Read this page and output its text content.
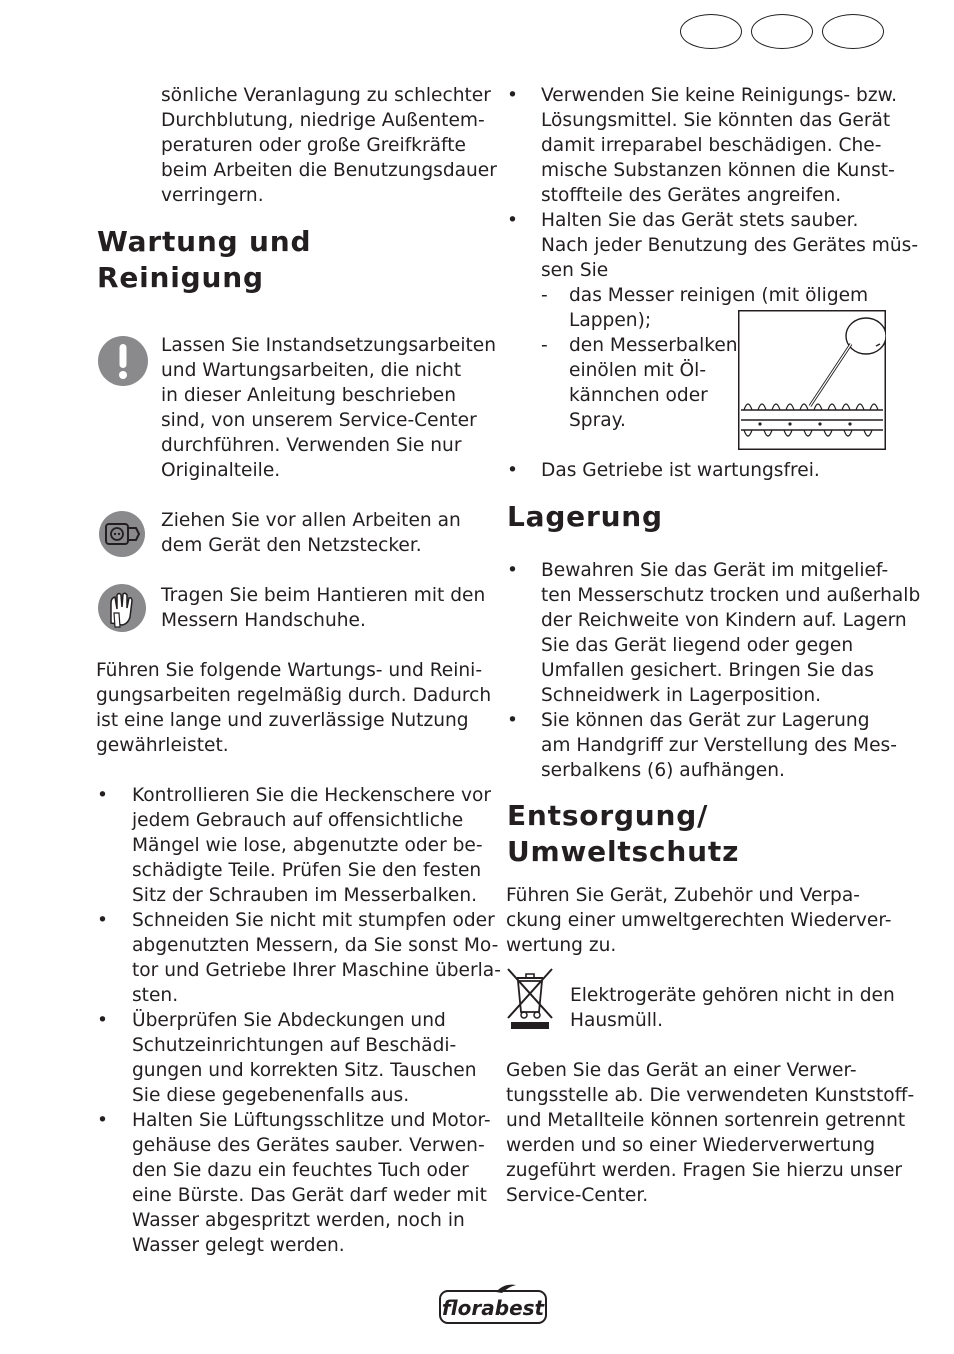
sönliche Veranlagung zu schlechter
Durchblutung, niedrige Außentem-
peraturen oder große Greifkräfte
beim Arbeiten die Benutzungsdauer
verringern.
Wartung und
Reinigung
Lassen Sie Instandsetzungsarbeiten
und Wartungsarbeiten, die nicht
in dieser Anleitung beschrieben
sind, von unserem Service-Center
durchführen. Verwenden Sie nur
Originalteile.
Ziehen Sie vor allen Arbeiten an
dem Gerät den Netzstecker.
Tragen Sie beim Hantieren mit den
Messern Handschuhe.
Führen Sie folgende Wartungs- und Reini-
gungsarbeiten regelmäßig durch. Dadurch
ist eine lange und zuverlässige Nutzung
gewährleistet.
• Kontrollieren Sie die Heckenschere vor
jedem Gebrauch auf offensichtliche
Mängel wie lose, abgenutzte oder be-
schädigte Teile. Prüfen Sie den festen
Sitz der Schrauben im Messerbalken.
• Schneiden Sie nicht mit stumpfen oder
abgenutzten Messern, da Sie sonst Mo-
tor und Getriebe Ihrer Maschine überla-
sten.
• Überprüfen Sie Abdeckungen und
Schutzeinrichtungen auf Beschädi-
gungen und korrekten Sitz. Tauschen
Sie diese gegebenenfalls aus.
• Halten Sie Lüftungsschlitze und Motor-
gehäuse des Gerätes sauber. Verwen-
den Sie dazu ein feuchtes Tuch oder
eine Bürste. Das Gerät darf weder mit
Wasser abgespritzt werden, noch in
Wasser gelegt werden.
• Verwenden Sie keine Reinigungs- bzw.
Lösungsmittel. Sie könnten das Gerät
damit irreparabel beschädigen. Che-
mische Substanzen können die Kunst-
stoffteile des Gerätes angreifen.
• Halten Sie das Gerät stets sauber.
Nach jeder Benutzung des Gerätes müs-
sen Sie
- das Messer reinigen (mit öligem
Lappen);
- den Messerbalken
einölen mit Öl-
kännchen oder
Spray.
• Das Getriebe ist wartungsfrei.
Lagerung
• Bewahren Sie das Gerät im mitgelief-
ten Messerschutz trocken und außerhalb
der Reichweite von Kindern auf. Lagern
Sie das Gerät liegend oder gegen
Umfallen gesichert. Bringen Sie das
Schneidwerk in Lagerposition.
• Sie können das Gerät zur Lagerung
am Handgriff zur Verstellung des Mes-
serbalkens (6) aufhängen.
Entsorgung/
Umweltschutz
Führen Sie Gerät, Zubehör und Verpa-
ckung einer umweltgerechten Wiederver-
wertung zu.
Elektrogeräte gehören nicht in den
Hausmüll.
Geben Sie das Gerät an einer Verwer-
tungsstelle ab. Die verwendeten Kunststoff-
und Metallteile können sortenrein getrennt
werden und so einer Wiederverwertung
zugeführt werden. Fragen Sie hierzu unser
Service-Center.
florabest
